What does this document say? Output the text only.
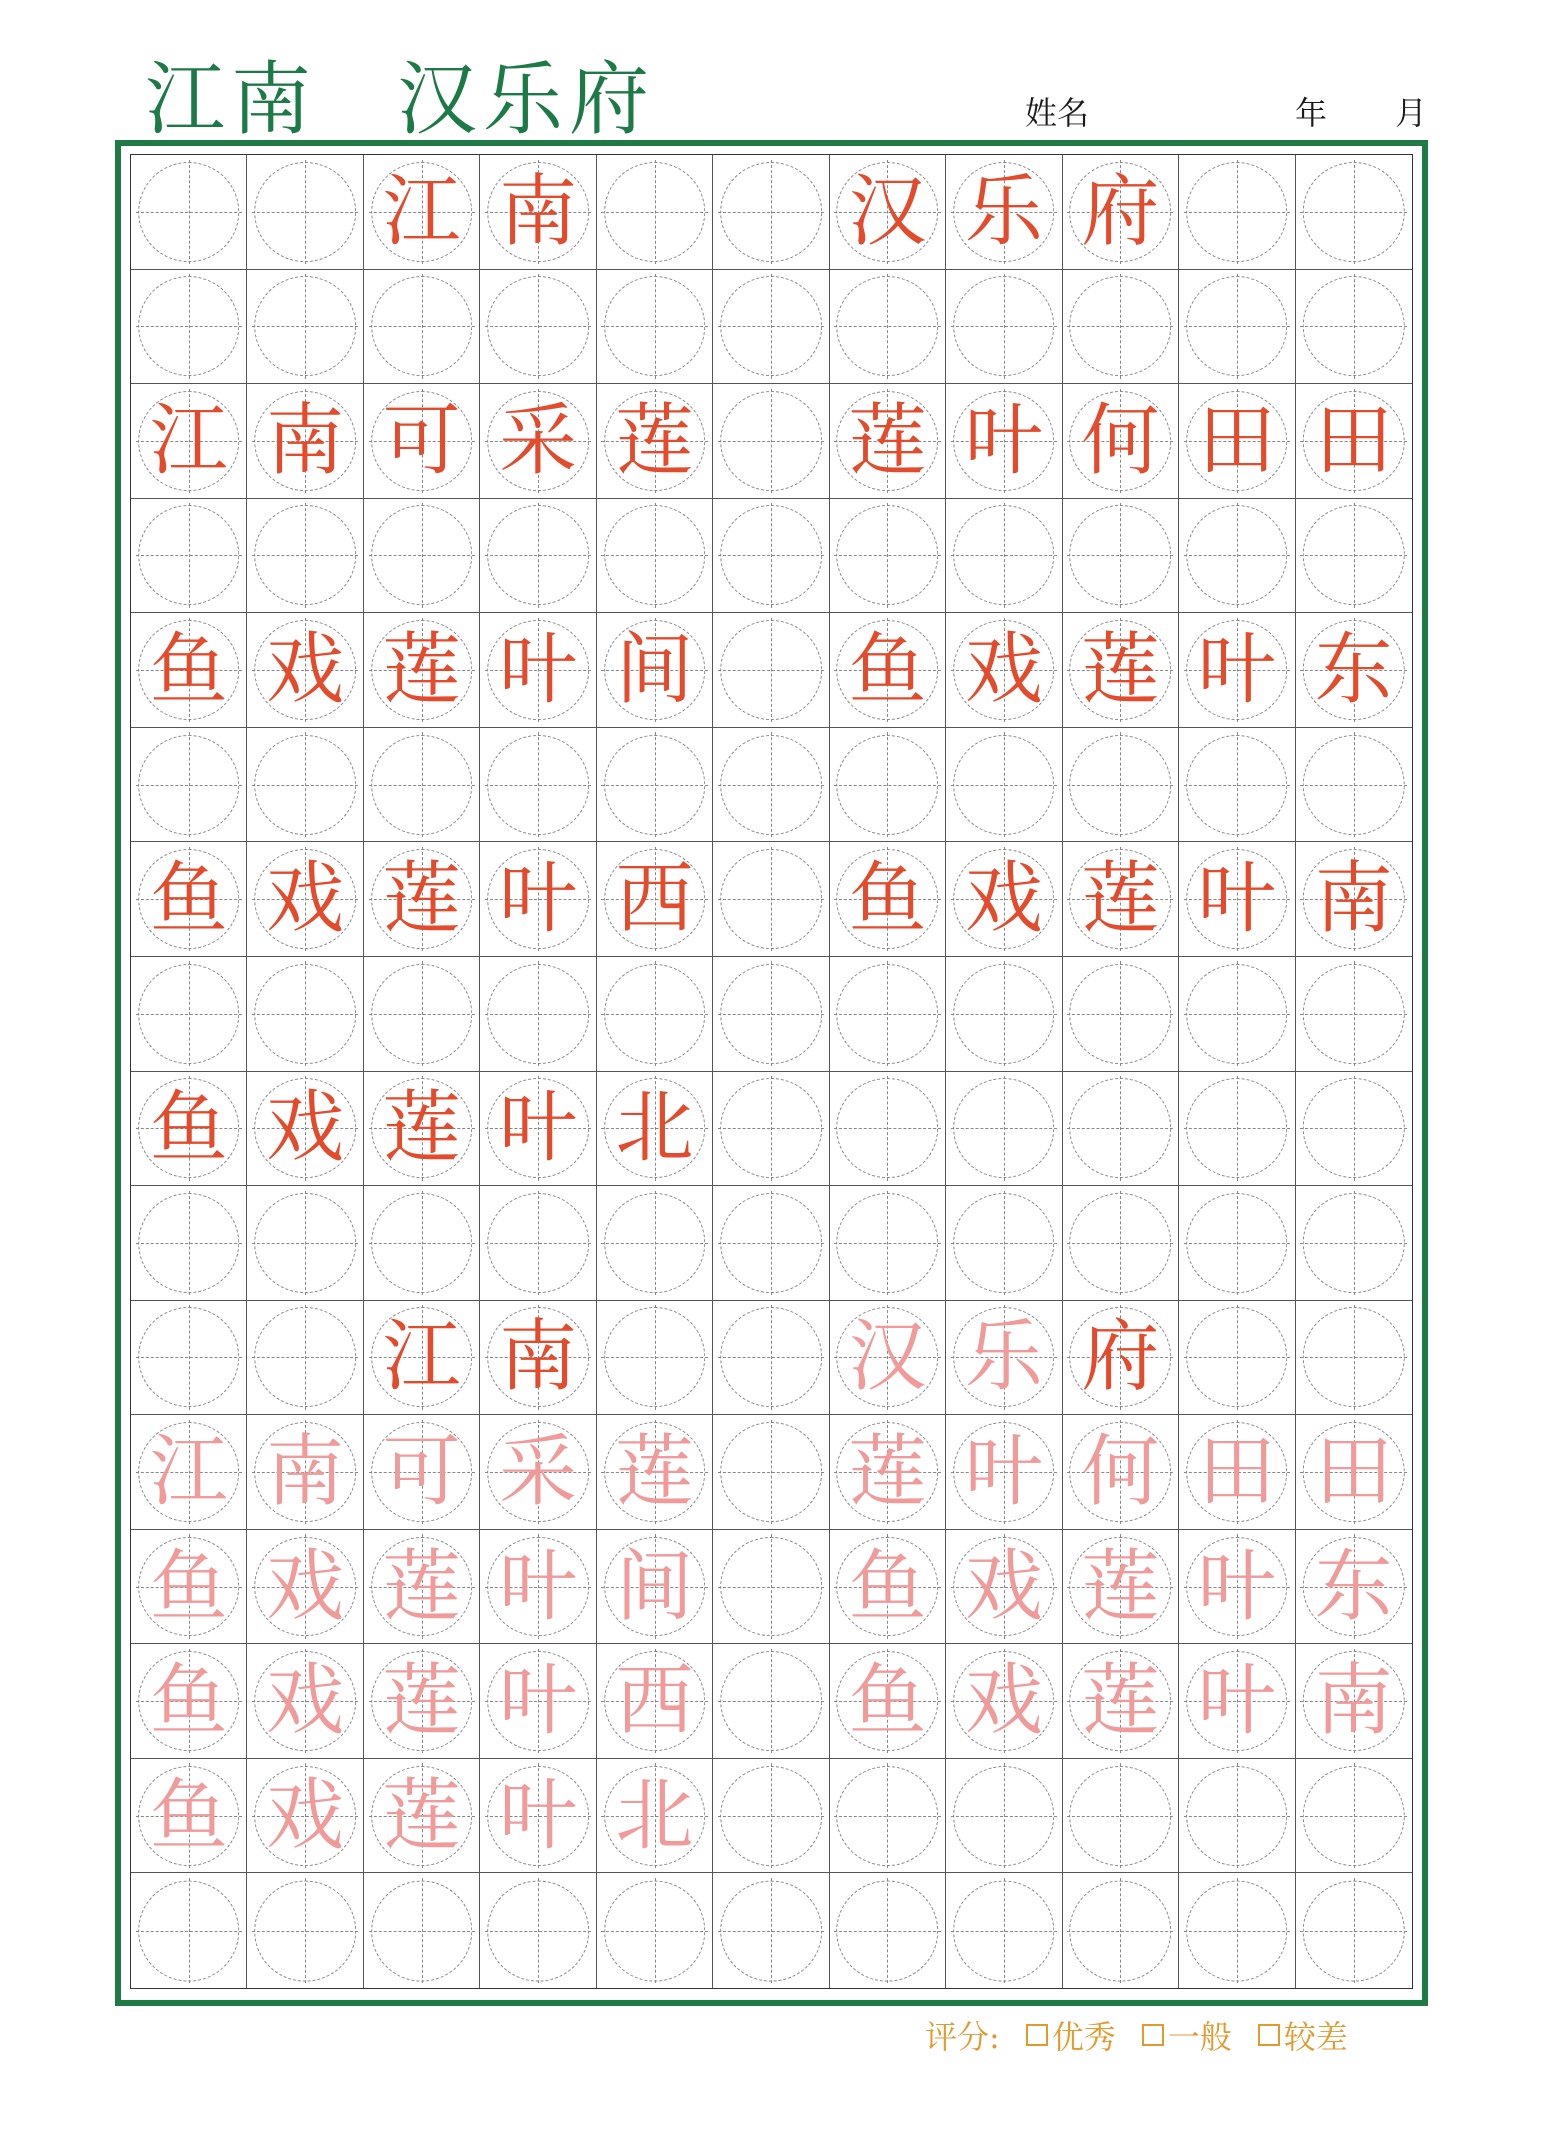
江南 汉乐府	姓名	年 月
江 南	汉 乐 府
江 南 可 采 莲 莲 叶 何 田 田
鱼 戏 莲 叶 间 鱼 戏 莲 叶 东
鱼 戏 莲 叶 西 鱼 戏 莲 叶 南
鱼 戏 莲 叶 北
江 南	汉 乐 府
江 南 可 采 莲 莲 叶 何 田 田
鱼 戏 莲 叶 间 鱼 戏 莲 叶 东
鱼 戏 莲 叶 西 鱼 戏 莲 叶 南
鱼 戏 莲 叶 北
评分: 优秀 一般 较差
